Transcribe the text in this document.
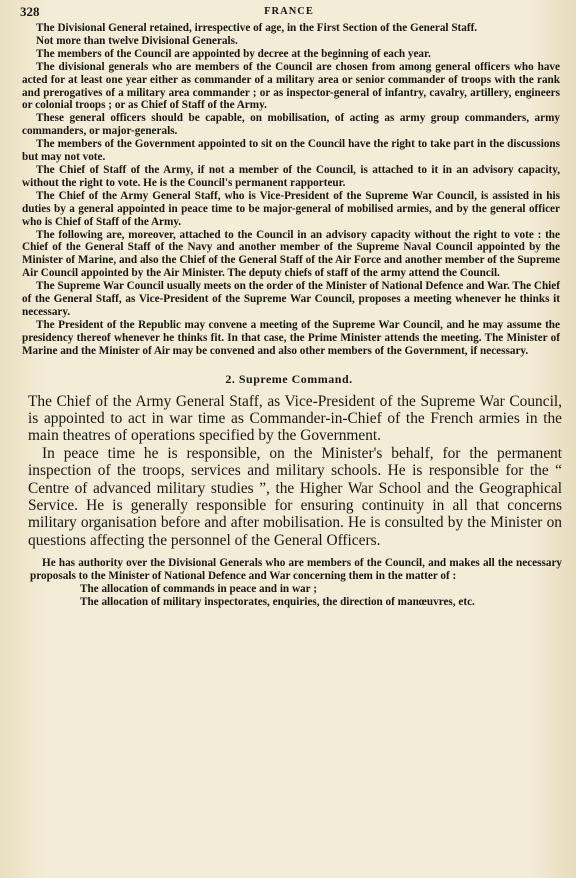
328	FRANCE

The Divisional General retained, irrespective of age, in the First Section of the General Staff.

Not more than twelve Divisional Generals.

The members of the Council are appointed by decree at the beginning of each year.

The divisional generals who are members of the Council are chosen from among general officers who have acted for at least one year either as commander of a military area or senior commander of troops with the rank and prerogatives of a military area commander ; or as inspector-general of infantry, cavalry, artillery, engineers or colonial troops ; or as Chief of Staff of the Army.

These general officers should be capable, on mobilisation, of acting as army group commanders, army commanders, or major-generals.

The members of the Government appointed to sit on the Council have the right to take part in the discussions but may not vote.

The Chief of Staff of the Army, if not a member of the Council, is attached to it in an advisory capacity, without the right to vote. He is the Council's permanent rapporteur.

The Chief of the Army General Staff, who is Vice-President of the Supreme War Council, is assisted in his duties by a general appointed in peace time to be major-general of mobilised armies, and by the general officer who is Chief of Staff of the Army.

The following are, moreover, attached to the Council in an advisory capacity without the right to vote : the Chief of the General Staff of the Navy and another member of the Supreme Naval Council appointed by the Minister of Marine, and also the Chief of the General Staff of the Air Force and another member of the Supreme Air Council appointed by the Air Minister. The deputy chiefs of staff of the army attend the Council.

The Supreme War Council usually meets on the order of the Minister of National Defence and War. The Chief of the General Staff, as Vice-President of the Supreme War Council, proposes a meeting whenever he thinks it necessary.

The President of the Republic may convene a meeting of the Supreme War Council, and he may assume the presidency thereof whenever he thinks fit. In that case, the Prime Minister attends the meeting. The Minister of Marine and the Minister of Air may be convened and also other members of the Government, if necessary.

2. Supreme Command.

The Chief of the Army General Staff, as Vice-President of the Supreme War Council, is appointed to act in war time as Commander-in-Chief of the French armies in the main theatres of operations specified by the Government.

In peace time he is responsible, on the Minister's behalf, for the permanent inspection of the troops, services and military schools. He is responsible for the “ Centre of advanced military studies ”, the Higher War School and the Geographical Service. He is generally responsible for ensuring continuity in all that concerns military organisation before and after mobilisation. He is consulted by the Minister on questions affecting the personnel of the General Officers.

He has authority over the Divisional Generals who are members of the Council, and makes all the necessary proposals to the Minister of National Defence and War concerning them in the matter of :

The allocation of commands in peace and in war ;

The allocation of military inspectorates, enquiries, the direction of manœuvres, etc.
